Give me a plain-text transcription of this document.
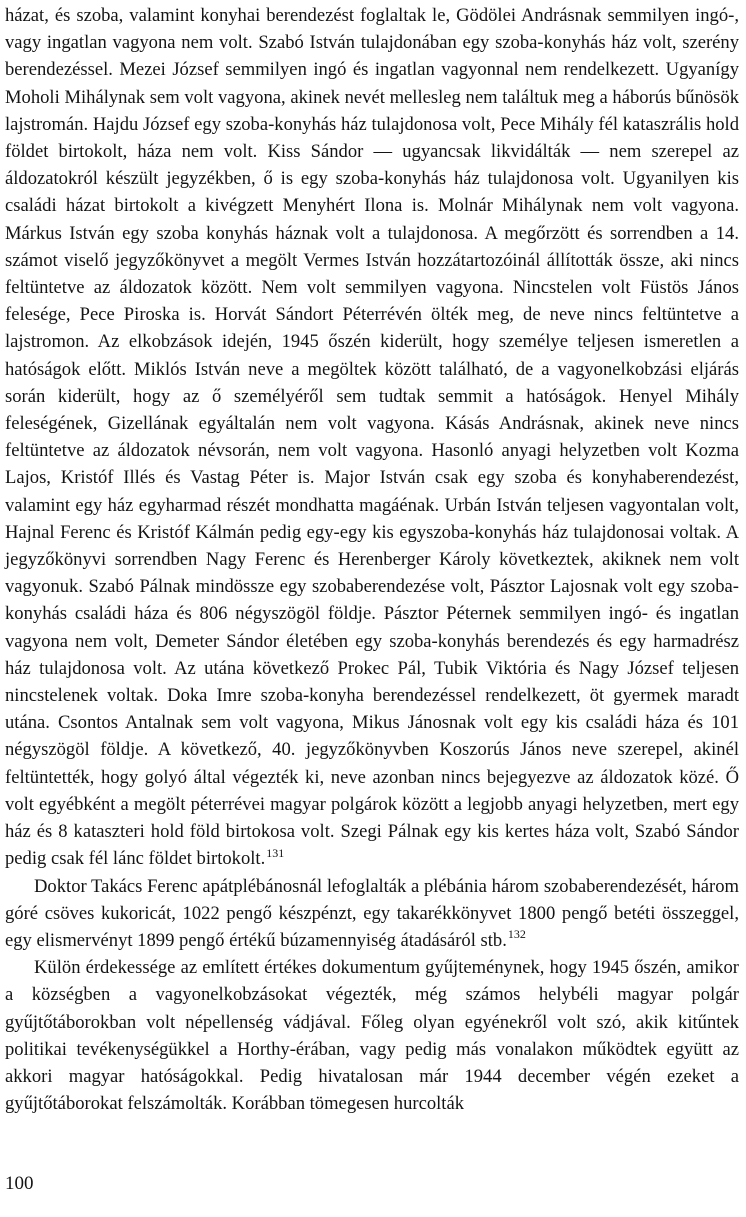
házat, és szoba, valamint konyhai berendezést foglaltak le, Gödölei Andrásnak semmilyen ingó-, vagy ingatlan vagyona nem volt. Szabó István tulajdonában egy szoba-konyhás ház volt, szerény berendezéssel. Mezei József semmilyen ingó és ingatlan vagyonnal nem rendelkezett. Ugyanígy Moholi Mihálynak sem volt vagyona, akinek nevét mellesleg nem találtuk meg a háborús bűnösök lajstromán. Hajdu József egy szoba-konyhás ház tulajdonosa volt, Pece Mihály fél kataszrális hold földet birtokolt, háza nem volt. Kiss Sándor — ugyancsak likvidálták — nem szerepel az áldozatokról készült jegyzékben, ő is egy szoba-konyhás ház tulajdonosa volt. Ugyanilyen kis családi házat birtokolt a kivégzett Menyhért Ilona is. Molnár Mihálynak nem volt vagyona. Márkus István egy szoba konyhás háznak volt a tulajdonosa. A megőrzött és sorrendben a 14. számot viselő jegyzőkönyvet a megölt Vermes István hozzátartozóinál állították össze, aki nincs feltüntetve az áldozatok között. Nem volt semmilyen vagyona. Nincstelen volt Füstös János felesége, Pece Piroska is. Horvát Sándort Péterrévén ölték meg, de neve nincs feltüntetve a lajstromon. Az elkobzások idején, 1945 őszén kiderült, hogy személye teljesen ismeretlen a hatóságok előtt. Miklós István neve a megöltek között található, de a vagyonelkobzási eljárás során kiderült, hogy az ő személyéről sem tudtak semmit a hatóságok. Henyel Mihály feleségének, Gizellának egyáltalán nem volt vagyona. Kásás Andrásnak, akinek neve nincs feltüntetve az áldozatok névsorán, nem volt vagyona. Hasonló anyagi helyzetben volt Kozma Lajos, Kristóf Illés és Vastag Péter is. Major István csak egy szoba és konyhaberendezést, valamint egy ház egyharmad részét mondhatta magáénak. Urbán István teljesen vagyontalan volt, Hajnal Ferenc és Kristóf Kálmán pedig egy-egy kis egyszoba-konyhás ház tulajdonosai voltak. A jegyzőkönyvi sorrendben Nagy Ferenc és Herenberger Károly következtek, akiknek nem volt vagyonuk. Szabó Pálnak mindössze egy szobaberendezése volt, Pásztor Lajosnak volt egy szoba-konyhás családi háza és 806 négyszögöl földje. Pásztor Péternek semmilyen ingó- és ingatlan vagyona nem volt, Demeter Sándor életében egy szoba-konyhás berendezés és egy harmadrész ház tulajdonosa volt. Az utána következő Prokec Pál, Tubik Viktória és Nagy József teljesen nincstelenek voltak. Doka Imre szoba-konyha berendezéssel rendelkezett, öt gyermek maradt utána. Csontos Antalnak sem volt vagyona, Mikus Jánosnak volt egy kis családi háza és 101 négyszögöl földje. A következő, 40. jegyzőkönyvben Koszorús János neve szerepel, akinél feltüntették, hogy golyó által végezték ki, neve azonban nincs bejegyezve az áldozatok közé. Ő volt egyébként a megölt péterrévei magyar polgárok között a legjobb anyagi helyzetben, mert egy ház és 8 kataszteri hold föld birtokosa volt. Szegi Pálnak egy kis kertes háza volt, Szabó Sándor pedig csak fél lánc földet birtokolt.$^{131}$

Doktor Takács Ferenc apátplébánosnál lefoglalták a plébánia három szobaberendezését, három góré csöves kukoricát, 1022 pengő készpénzt, egy takarékkönyvet 1800 pengő betéti összeggel, egy elismervényt 1899 pengő értékű búzamennyiség átadásáról stb.$^{132}$

Külön érdekessége az említett értékes dokumentum gyűjteménynek, hogy 1945 őszén, amikor a községben a vagyonelkobzásokat végezték, még számos helybéli magyar polgár gyűjtőtáborokban volt népellenség vádjával. Főleg olyan egyénekről volt szó, akik kitűntek politikai tevékenységükkel a Horthy-érában, vagy pedig más vonalakon működtek együtt az akkori magyar hatóságokkal. Pedig hivatalosan már 1944 december végén ezeket a gyűjtőtáborokat felszámolták. Korábban tömegesen hurcolták

100
